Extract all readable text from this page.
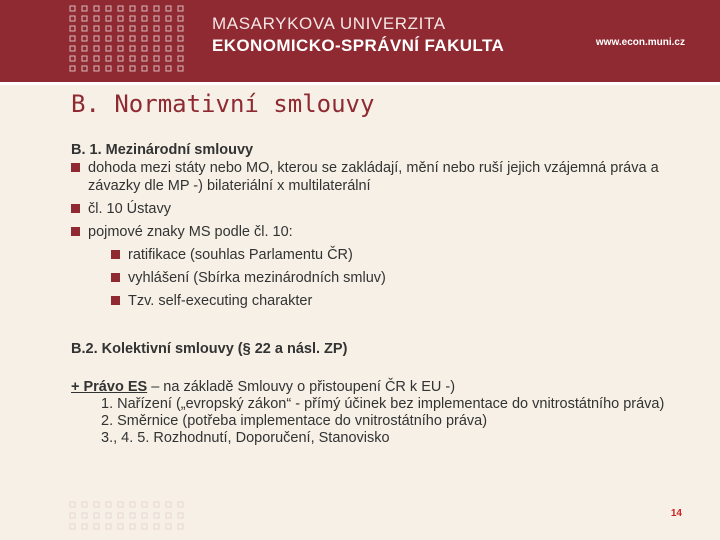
MASARYKOVA UNIVERZITA
EKONOMICKO-SPRÁVNÍ FAKULTA	www.econ.muni.cz
B. Normativní smlouvy

B. 1. Mezinárodní smlouvy

dohoda mezi státy nebo MO, kterou se zakládají, mění nebo ruší jejich vzájemná práva a závazky dle MP -) bilateriální x multilaterální
čl. 10 Ústavy
pojmové znaky MS podle čl. 10:
ratifikace (souhlas Parlamentu ČR)
vyhlášení (Sbírka mezinárodních smluv)
Tzv. self-executing charakter

B.2. Kolektivní smlouvy (§ 22 a násl. ZP)

+ Právo ES – na základě Smlouvy o přistoupení ČR k EU -)

1. Nařízení („evropský zákon“ - přímý účinek bez implementace do vnitrostátního práva)
2. Směrnice (potřeba implementace do vnitrostátního práva)
3., 4. 5. Rozhodnutí, Doporučení, Stanovisko
14
